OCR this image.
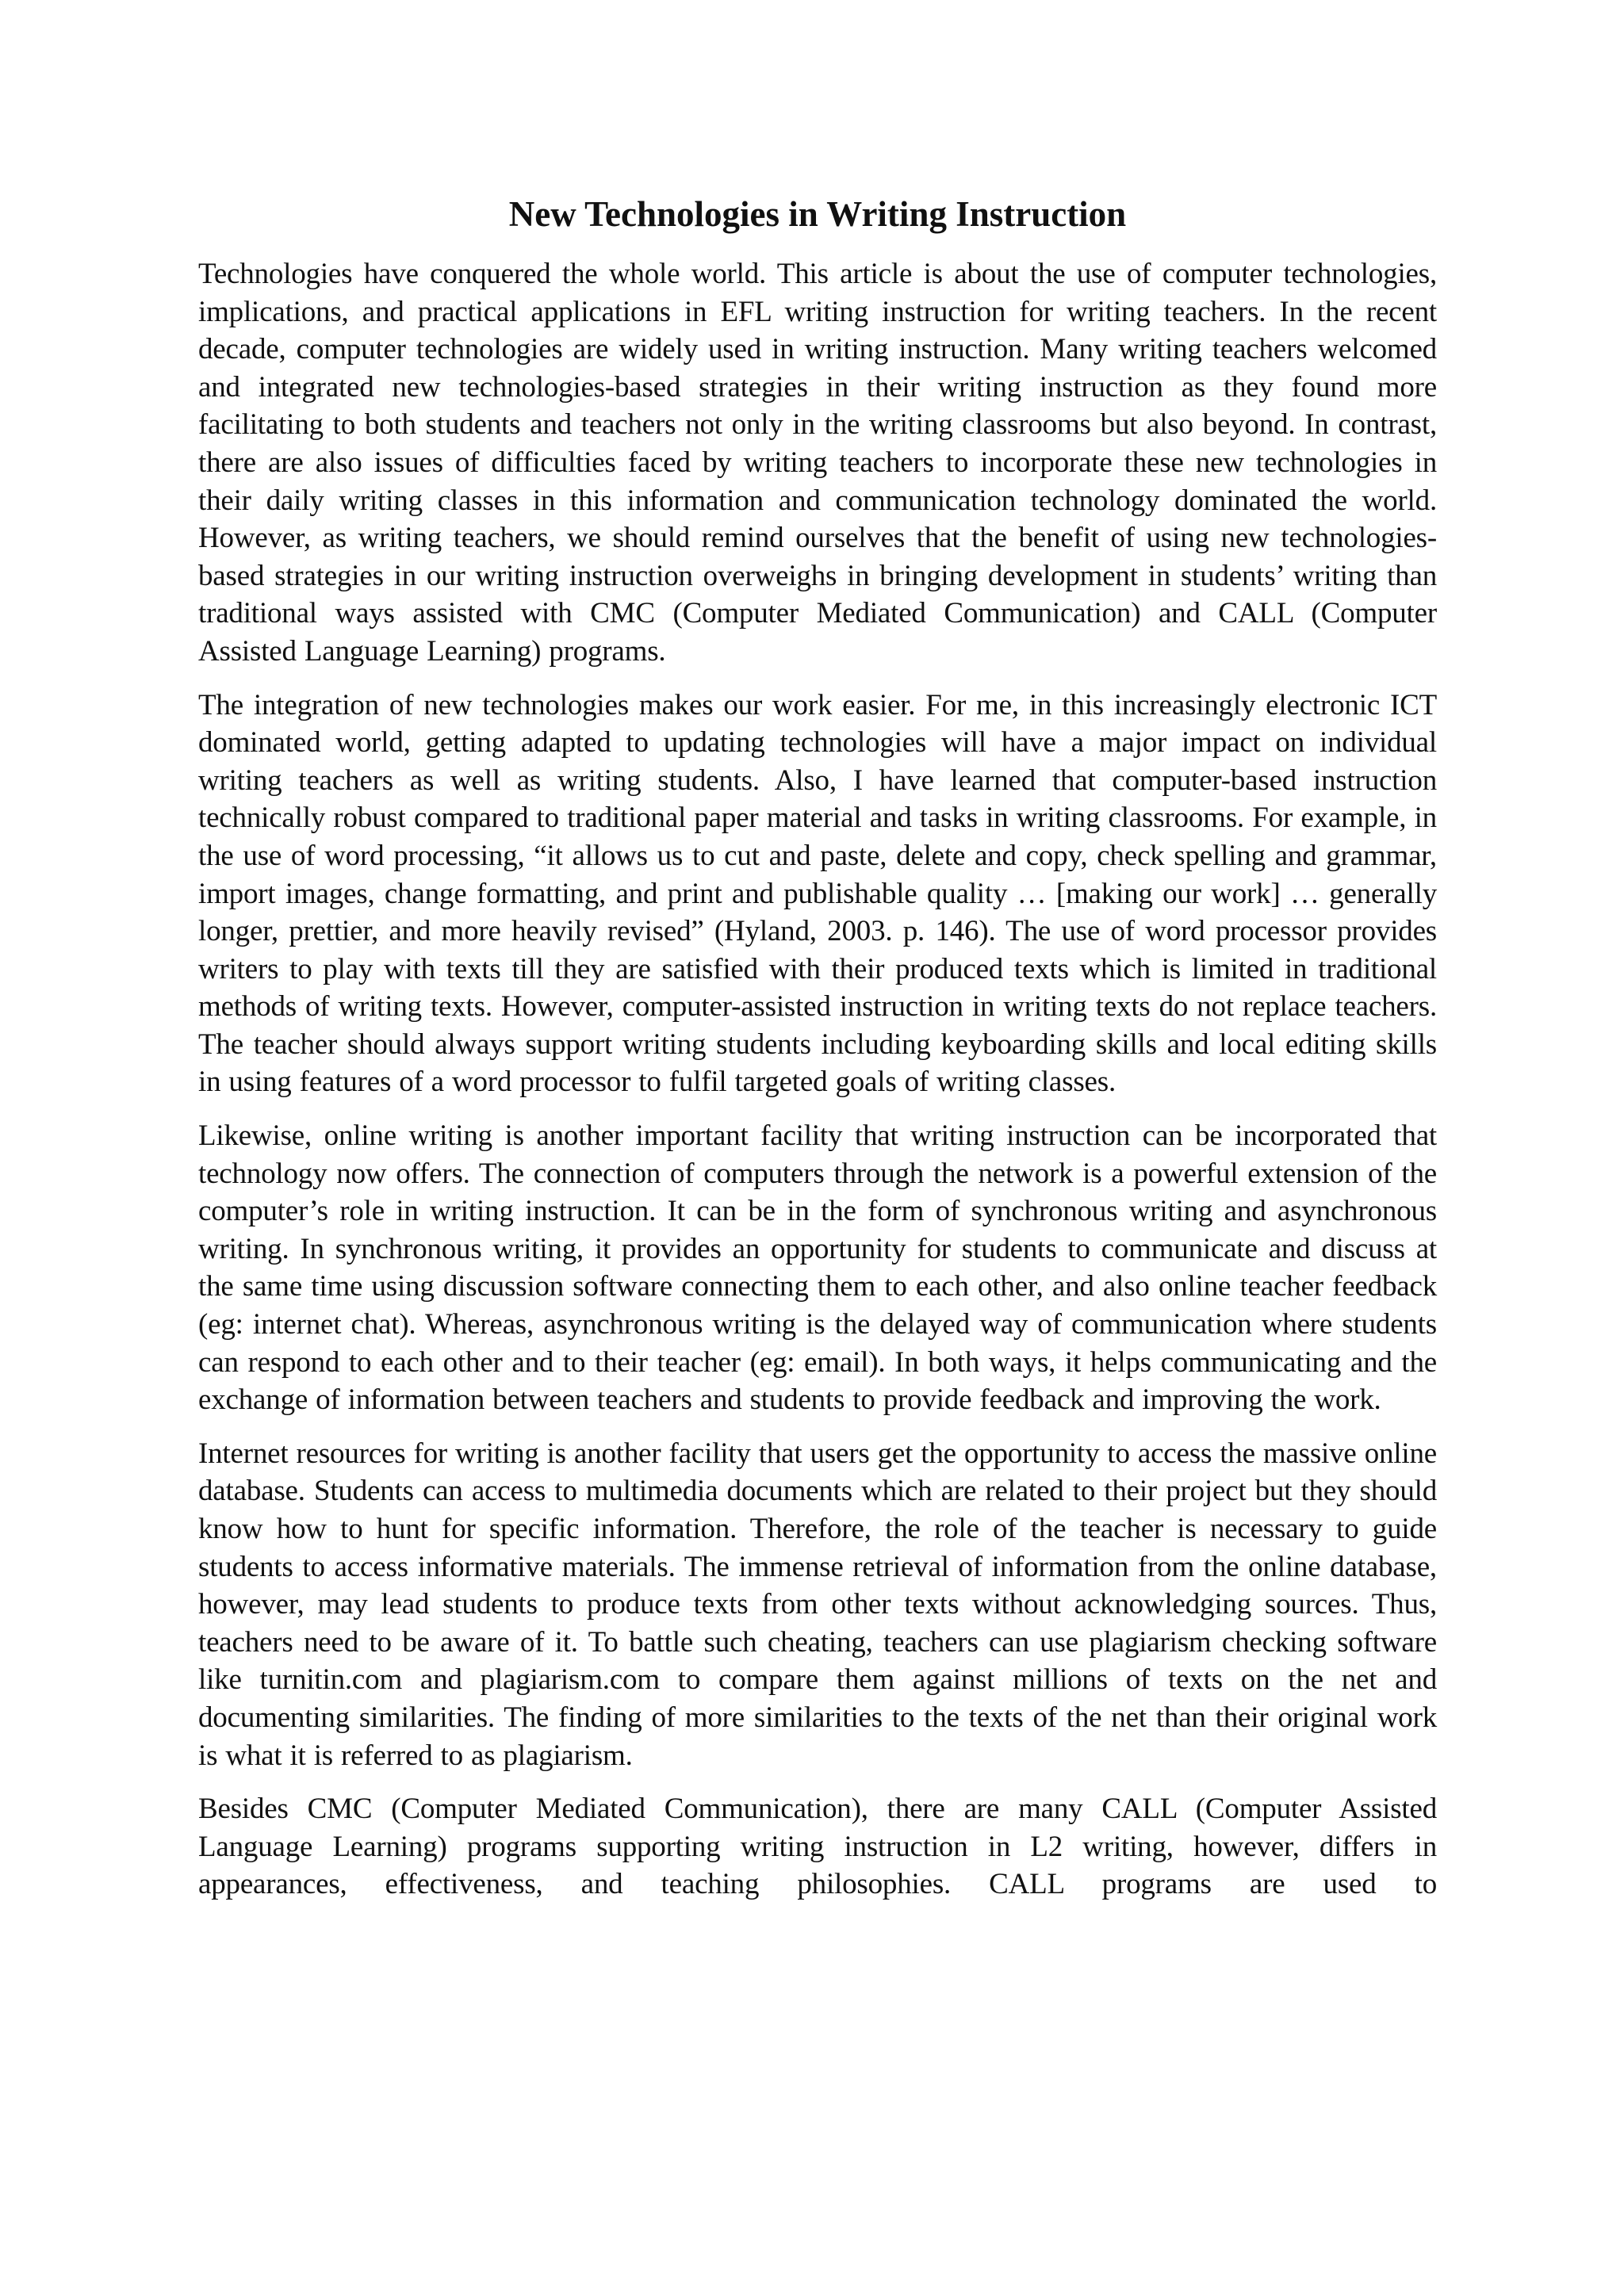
New Technologies in Writing Instruction

Technologies have conquered the whole world. This article is about the use of computer technologies, implications, and practical applications in EFL writing instruction for writing teachers. In the recent decade, computer technologies are widely used in writing instruction. Many writing teachers welcomed and integrated new technologies-based strategies in their writing instruction as they found more facilitating to both students and teachers not only in the writing classrooms but also beyond. In contrast, there are also issues of difficulties faced by writing teachers to incorporate these new technologies in their daily writing classes in this information and communication technology dominated the world. However, as writing teachers, we should remind ourselves that the benefit of using new technologies-based strategies in our writing instruction overweighs in bringing development in students’ writing than traditional ways assisted with CMC (Computer Mediated Communication) and CALL (Computer Assisted Language Learning) programs.

The integration of new technologies makes our work easier. For me, in this increasingly electronic ICT dominated world, getting adapted to updating technologies will have a major impact on individual writing teachers as well as writing students. Also, I have learned that computer-based instruction technically robust compared to traditional paper material and tasks in writing classrooms. For example, in the use of word processing, “it allows us to cut and paste, delete and copy, check spelling and grammar, import images, change formatting, and print and publishable quality … [making our work] … generally longer, prettier, and more heavily revised” (Hyland, 2003. p. 146). The use of word processor provides writers to play with texts till they are satisfied with their produced texts which is limited in traditional methods of writing texts. However, computer-assisted instruction in writing texts do not replace teachers. The teacher should always support writing students including keyboarding skills and local editing skills in using features of a word processor to fulfil targeted goals of writing classes.

Likewise, online writing is another important facility that writing instruction can be incorporated that technology now offers. The connection of computers through the network is a powerful extension of the computer’s role in writing instruction. It can be in the form of synchronous writing and asynchronous writing. In synchronous writing, it provides an opportunity for students to communicate and discuss at the same time using discussion software connecting them to each other, and also online teacher feedback (eg: internet chat). Whereas, asynchronous writing is the delayed way of communication where students can respond to each other and to their teacher (eg: email). In both ways, it helps communicating and the exchange of information between teachers and students to provide feedback and improving the work.

Internet resources for writing is another facility that users get the opportunity to access the massive online database. Students can access to multimedia documents which are related to their project but they should know how to hunt for specific information. Therefore, the role of the teacher is necessary to guide students to access informative materials. The immense retrieval of information from the online database, however, may lead students to produce texts from other texts without acknowledging sources. Thus, teachers need to be aware of it. To battle such cheating, teachers can use plagiarism checking software like turnitin.com and plagiarism.com to compare them against millions of texts on the net and documenting similarities. The finding of more similarities to the texts of the net than their original work is what it is referred to as plagiarism.

Besides CMC (Computer Mediated Communication), there are many CALL (Computer Assisted Language Learning) programs supporting writing instruction in L2 writing, however, differs in appearances, effectiveness, and teaching philosophies. CALL programs are used to
